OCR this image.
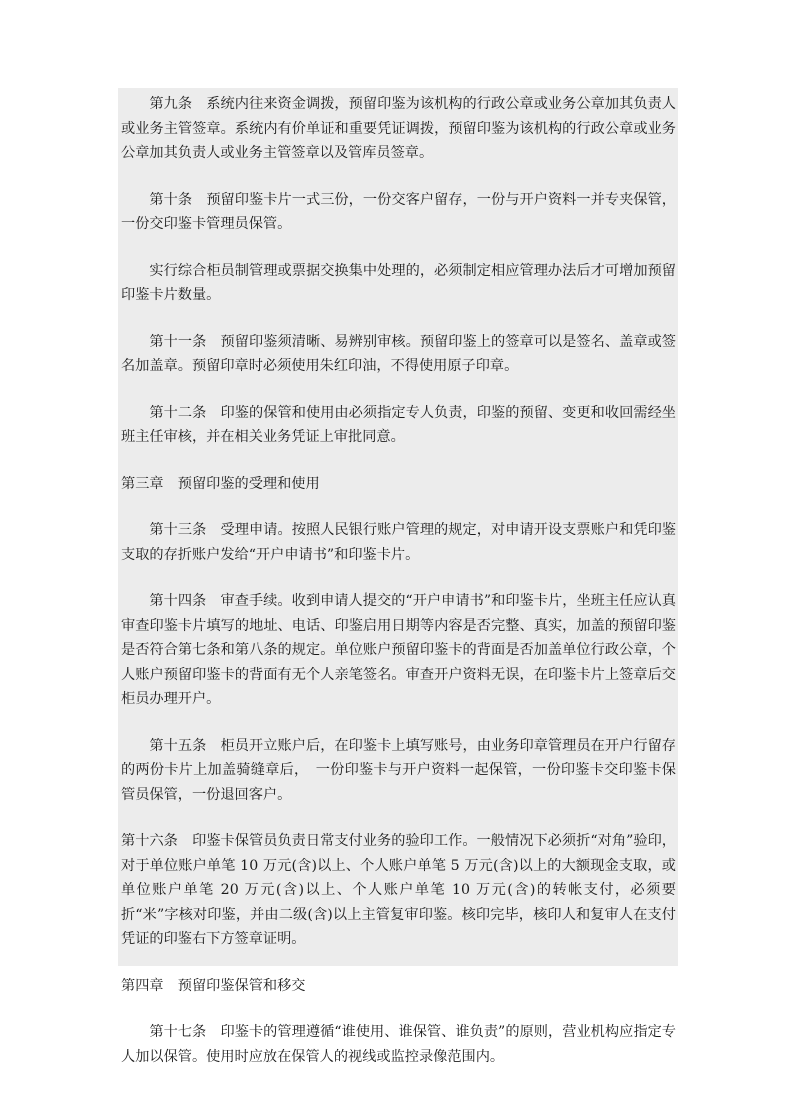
第九条　系统内往来资金调拨，预留印鉴为该机构的行政公章或业务公章加其负责人或业务主管签章。系统内有价单证和重要凭证调拨，预留印鉴为该机构的行政公章或业务公章加其负责人或业务主管签章以及管库员签章。

第十条　预留印鉴卡片一式三份，一份交客户留存，一份与开户资料一并专夹保管，一份交印鉴卡管理员保管。

实行综合柜员制管理或票据交换集中处理的，必须制定相应管理办法后才可增加预留印鉴卡片数量。

第十一条　预留印鉴须清晰、易辨别审核。预留印鉴上的签章可以是签名、盖章或签名加盖章。预留印章时必须使用朱红印油，不得使用原子印章。

第十二条　印鉴的保管和使用由必须指定专人负责，印鉴的预留、变更和收回需经坐班主任审核，并在相关业务凭证上审批同意。

第三章　预留印鉴的受理和使用

第十三条　受理申请。按照人民银行账户管理的规定，对申请开设支票账户和凭印鉴支取的存折账户发给“开户申请书”和印鉴卡片。

第十四条　审查手续。收到申请人提交的“开户申请书”和印鉴卡片，坐班主任应认真审查印鉴卡片填写的地址、电话、印鉴启用日期等内容是否完整、真实，加盖的预留印鉴是否符合第七条和第八条的规定。单位账户预留印鉴卡的背面是否加盖单位行政公章，个人账户预留印鉴卡的背面有无个人亲笔签名。审查开户资料无误，在印鉴卡片上签章后交柜员办理开户。

第十五条　柜员开立账户后，在印鉴卡上填写账号，由业务印章管理员在开户行留存的两份卡片上加盖骑缝章后，　一份印鉴卡与开户资料一起保管，一份印鉴卡交印鉴卡保管员保管，一份退回客户。

第十六条　印鉴卡保管员负责日常支付业务的验印工作。一般情况下必须折“对角”验印，对于单位账户单笔 10 万元(含)以上、个人账户单笔 5 万元(含)以上的大额现金支取，或单位账户单笔 20 万元(含)以上、个人账户单笔 10 万元(含)的转帐支付，必须要折“米”字核对印鉴，并由二级(含)以上主管复审印鉴。核印完毕，核印人和复审人在支付凭证的印鉴右下方签章证明。

第四章　预留印鉴保管和移交

第十七条　印鉴卡的管理遵循“谁使用、谁保管、谁负责”的原则，营业机构应指定专人加以保管。使用时应放在保管人的视线或监控录像范围内。
